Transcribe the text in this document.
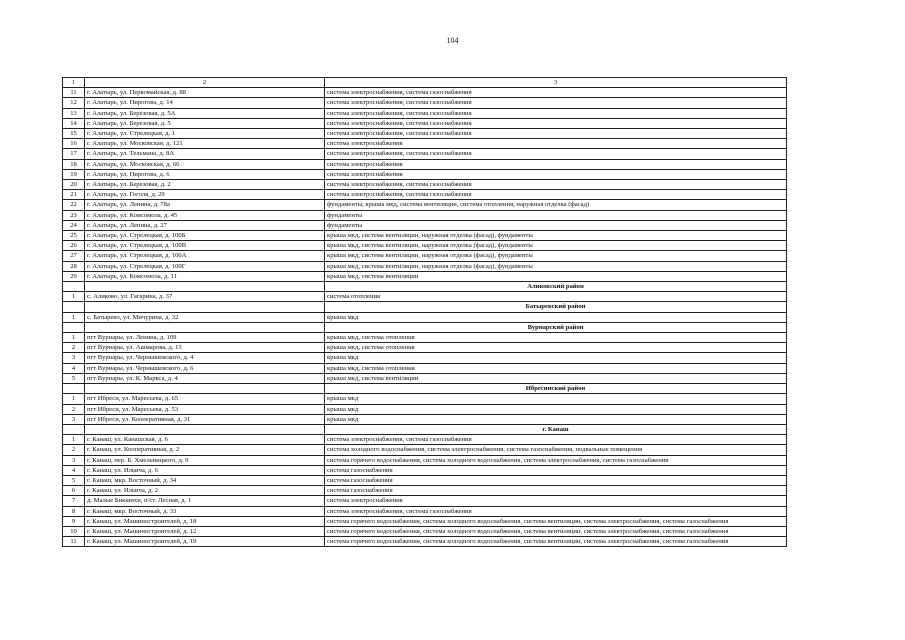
104
1	2	3
11	г. Алатырь, ул. Первомайская, д. 88	система электроснабжения, система газоснабжения
12	г. Алатырь, ул. Пирогова, д. 14	система электроснабжения, система газоснабжения
13	г. Алатырь, ул. Березовая, д. 5А	система электроснабжения, система газоснабжения
14	г. Алатырь, ул. Березовая, д. 5	система электроснабжения, система газоснабжения
15	г. Алатырь, ул. Стрелецкая, д. 1	система электроснабжения, система газоснабжения
16	г. Алатырь, ул. Московская, д. 121	система электроснабжения
17	г. Алатырь, ул. Тельмана, д. 8А	система электроснабжения, система газоснабжения
18	г. Алатырь, ул. Московская, д. 66	система электроснабжения
19	г. Алатырь, ул. Пирогова, д. 6	система электроснабжения
20	г. Алатырь, ул. Березовая, д. 2	система электроснабжения, система газоснабжения
21	г. Алатырь, ул. Гоголя, д. 29	система электроснабжения, система газоснабжения
22	г. Алатырь, ул. Ленина, д. 78а	фундаменты, крыша мкд, система вентиляции, система отопления, наружная отделка (фасад)
23	г. Алатырь, ул. Комсомола, д. 45	фундаменты
24	г. Алатырь, ул. Ленина, д. 27	фундаменты
25	г. Алатырь, ул. Стрелецкая, д. 100Б	крыша мкд, система вентиляции, наружная отделка (фасад), фундаменты
26	г. Алатырь, ул. Стрелецкая, д. 100В	крыша мкд, система вентиляции, наружная отделка (фасад), фундаменты
27	г. Алатырь, ул. Стрелецкая, д. 100А	крыша мкд, система вентиляции, наружная отделка (фасад), фундаменты
28	г. Алатырь, ул. Стрелецкая, д. 100Г	крыша мкд, система вентиляции, наружная отделка (фасад), фундаменты
29	г. Алатырь, ул. Комсомола, д. 11	крыша мкд, система вентиляции
		Аликовский район
1	с. Аликово, ул. Гагарина, д. 37	система отопления
		Батыревский район
1	с. Батырево, ул. Мичурина, д. 32	крыша мкд
		Вурнарский район
1	пгт Вурнары, ул. Ленина, д. 109	крыша мкд, система отопления
2	пгт Вурнары, ул. Ашмарова, д. 13	крыша мкд, система отопления
3	пгт Вурнары, ул. Чернышевского, д. 4	крыша мкд
4	пгт Вурнары, ул. Чернышевского, д. 6	крыша мкд, система отопления
5	пгт Вурнары, ул. К. Маркса, д. 4	крыша мкд, система вентиляции
		Ибресинский район
1	пгт Ибреси, ул. Маресьева, д. 65	крыша мкд
2	пгт Ибреси, ул. Маресьева, д. 53	крыша мкд
3	пгт Ибреси, ул. Кооперативная, д. 31	крыша мкд
		г. Канаш
1	г. Канаш, ул. Канашская, д. 6	система электроснабжения, система газоснабжения
2	г. Канаш, ул. Кооперативная, д. 2	система холодного водоснабжения, система электроснабжения, система газоснабжения, подвальные помещения
3	г. Канаш, пер. Б. Хмельницкого, д. 9	система горячего водоснабжения, система холодного водоснабжения, система электроснабжения, система газоснабжения
4	г. Канаш, ул. Ильича, д. 6	система газоснабжения
5	г. Канаш, мкр. Восточный, д. 34	система газоснабжения
6	г. Канаш, ул. Ильича, д. 2	система газоснабжения
7	д. Малые Бикшихи, п/ст. Лесная, д. 1	система электроснабжения
8	г. Канаш, мкр. Восточный, д. 33	система электроснабжения, система газоснабжения
9	г. Канаш, ул. Машиностроителей, д. 18	система горячего водоснабжения, система холодного водоснабжения, система вентиляции, система электроснабжения, система газоснабжения
10	г. Канаш, ул. Машиностроителей, д. 12	система горячего водоснабжения, система холодного водоснабжения, система вентиляции, система электроснабжения, система газоснабжения
11	г. Канаш, ул. Машиностроителей, д. 19	система горячего водоснабжения, система холодного водоснабжения, система вентиляции, система электроснабжения, система газоснабжения
